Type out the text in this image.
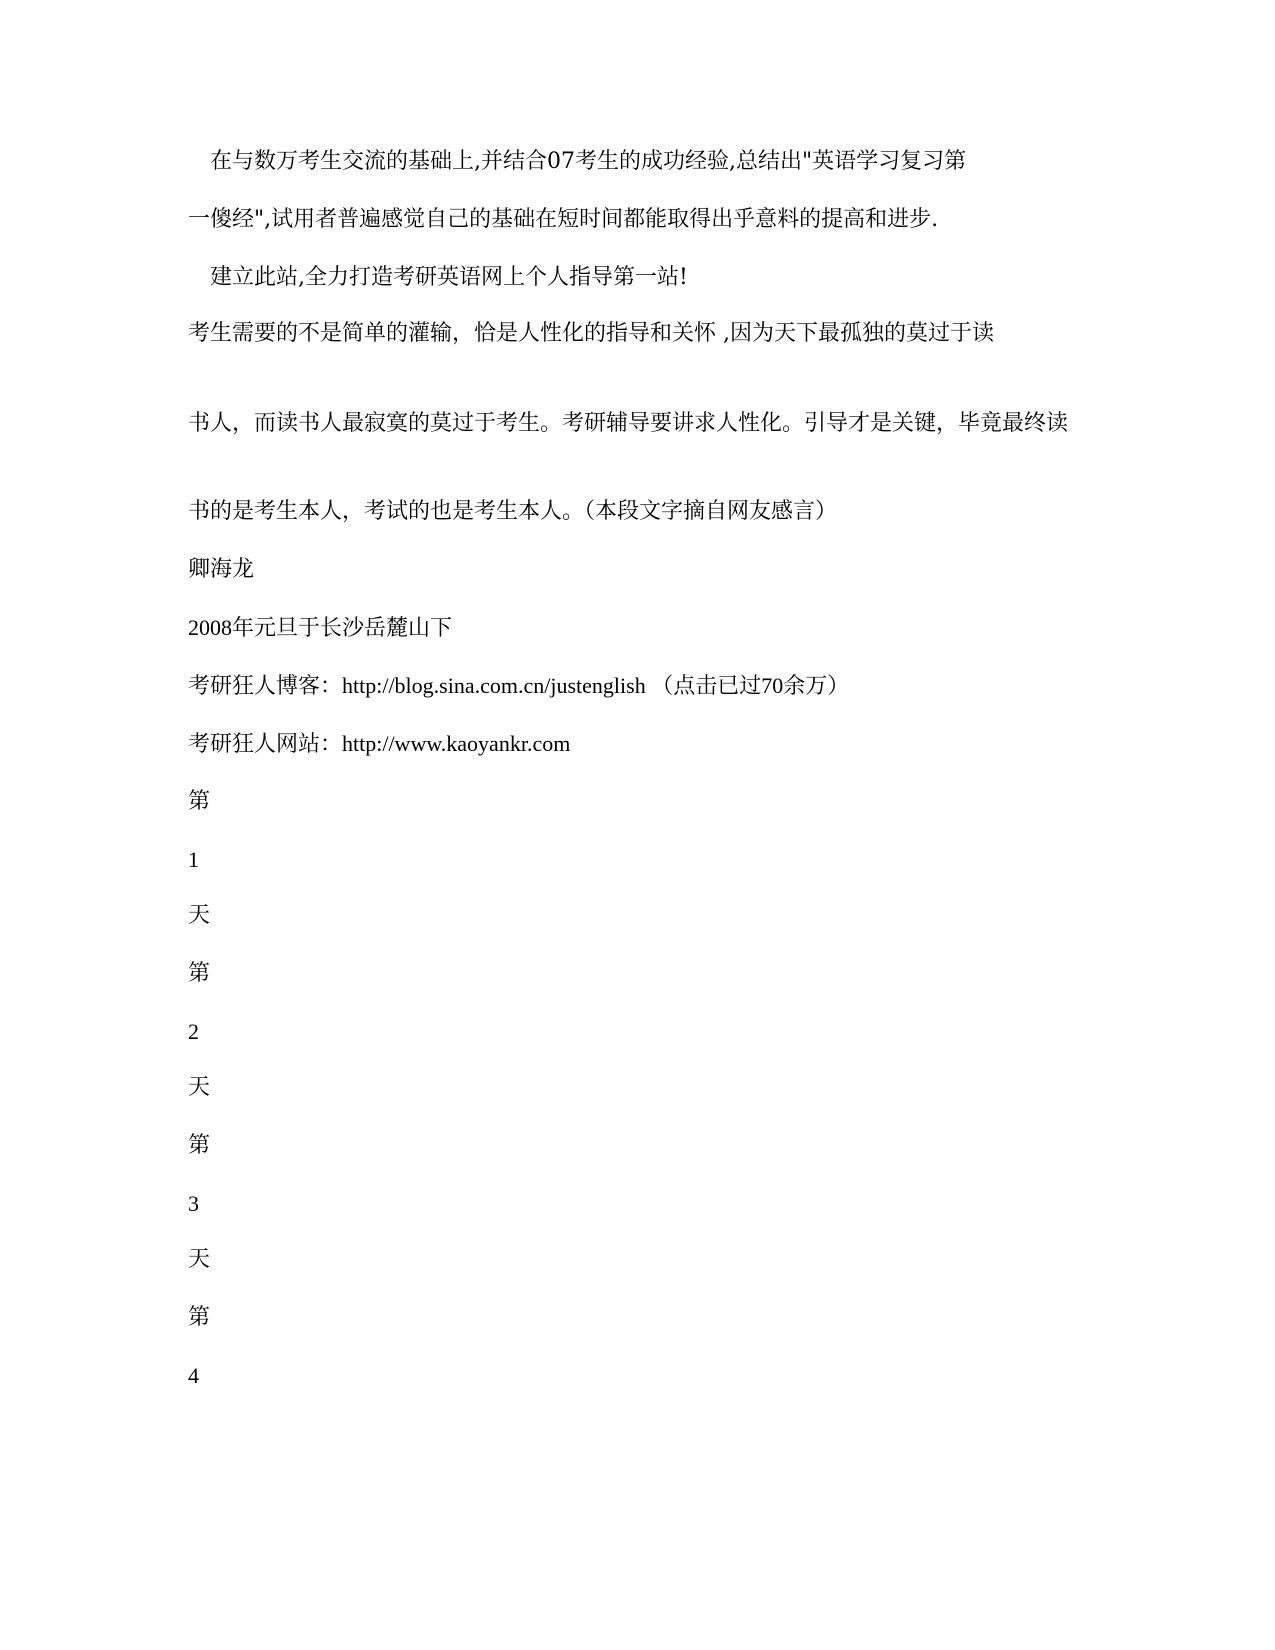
　在与数万考生交流的基础上,并结合07考生的成功经验,总结出"英语学习复习第

一傻经",试用者普遍感觉自己的基础在短时间都能取得出乎意料的提高和进步.

　建立此站,全力打造考研英语网上个人指导第一站!

考生需要的不是简单的灌输，恰是人性化的指导和关怀 ,因为天下最孤独的莫过于读

书人，而读书人最寂寞的莫过于考生。考研辅导要讲求人性化。引导才是关键，毕竟最终读

书的是考生本人，考试的也是考生本人。（本段文字摘自网友感言）

卿海龙

2008年元旦于长沙岳麓山下

考研狂人博客：http://blog.sina.com.cn/justenglish （点击已过70余万）

考研狂人网站：http://www.kaoyankr.com

第

1

天

第

2

天

第

3

天

第

4
